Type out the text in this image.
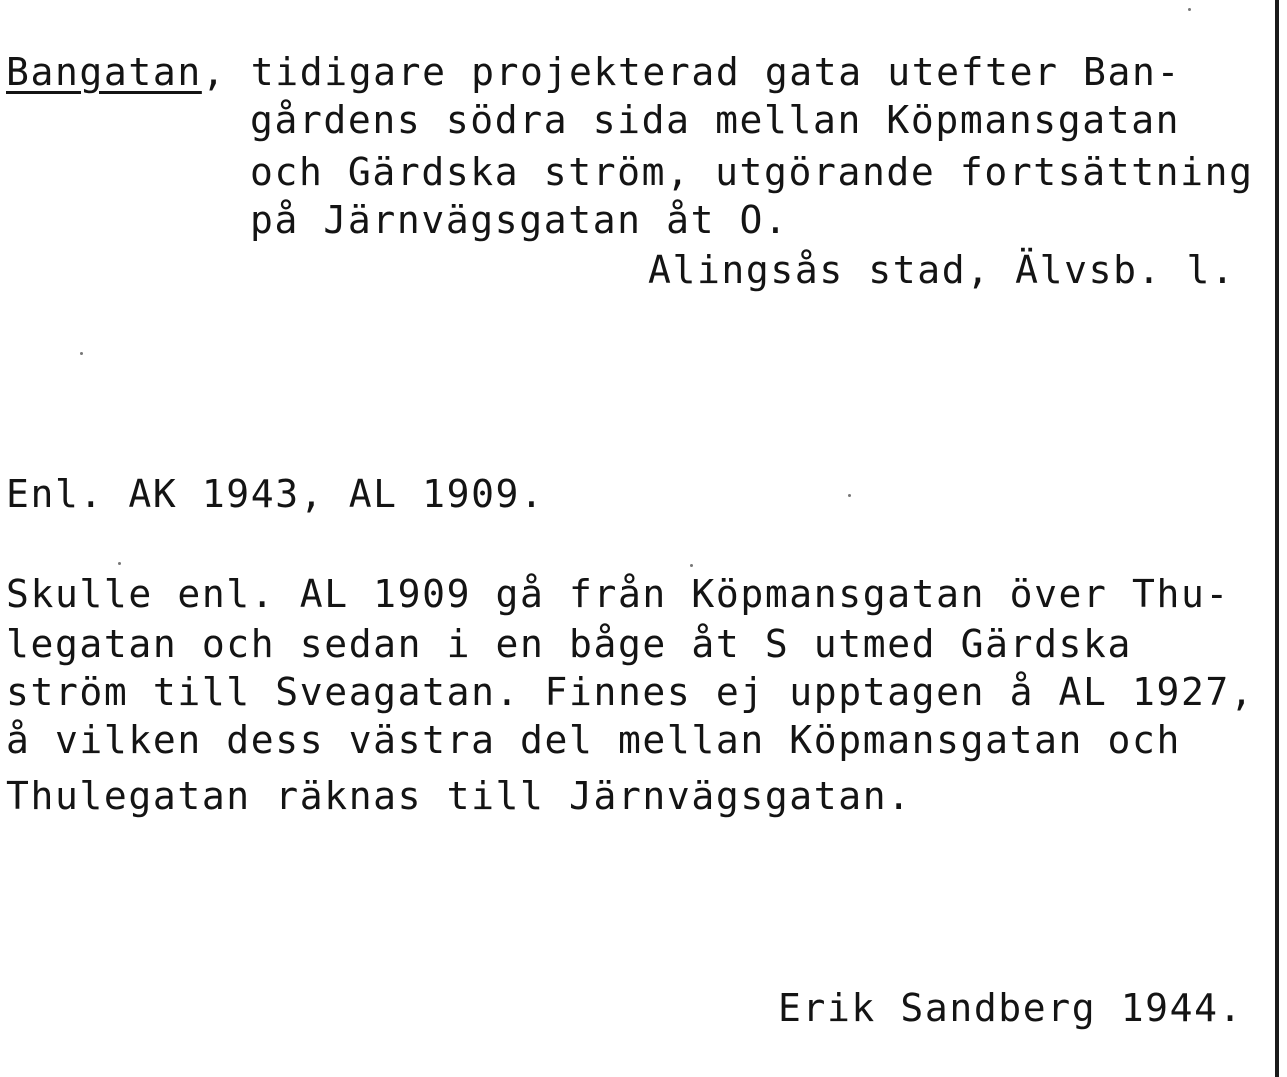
Bangatan, tidigare projekterad gata utefter Ban-
gårdens södra sida mellan Köpmansgatan
och Gärdska ström, utgörande fortsättning
på Järnvägsgatan åt O.
Alingsås stad, Älvsb. l.
Enl. AK 1943, AL 1909.
Skulle enl. AL 1909 gå från Köpmansgatan över Thu-
legatan och sedan i en båge åt S utmed Gärdska
ström till Sveagatan. Finnes ej upptagen å AL 1927,
å vilken dess västra del mellan Köpmansgatan och
Thulegatan räknas till Järnvägsgatan.
Erik Sandberg 1944.
